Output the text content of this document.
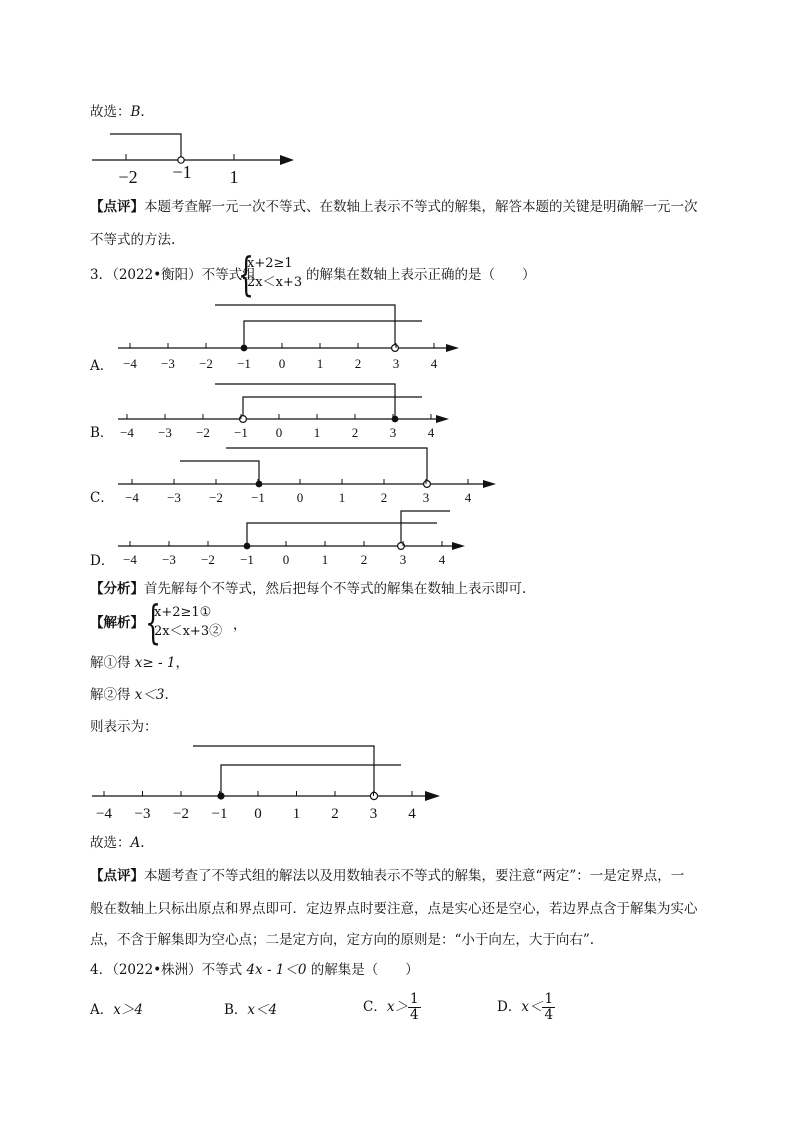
故选：B.
−2 −1 1
【点评】本题考查解一元一次不等式、在数轴上表示不等式的解集，解答本题的关键是明确解一元一次
不等式的方法.
3．（2022•衡阳）不等式组
{
x+2≥1
2x＜x+3 的解集在数轴上表示正确的是（　　）
−4 −3 −2 −1 0 1 2 3 4
−4 −3 −2 −1 0 1 2 3 4
−4 −3 −2 −1 0	1	2	3	4
−4 −3 −2 −1 0	1	2	3	4
−4 −3 −2 −1 0 1 2 3 4
A．
B．
C．
D．
【分析】首先解每个不等式，然后把每个不等式的解集在数轴上表示即可.
【解析】 {
x+2≥1①
2x＜x+3② ，
解①得 x≥ - 1，
解②得 x＜3.
则表示为：
故选：A.
【点评】本题考查了不等式组的解法以及用数轴表示不等式的解集，要注意“两定”：一是定界点，一
般在数轴上只标出原点和界点即可．定边界点时要注意，点是实心还是空心，若边界点含于解集为实心
点，不含于解集即为空心点；二是定方向，定方向的原则是：“小于向左，大于向右”.
4．（2022•株洲）不等式 4x - 1＜0 的解集是（　　）
A．x＞4	B．x＜4	C．$x> \frac{1}{4}$	D．$x< \frac{1}{4}$
